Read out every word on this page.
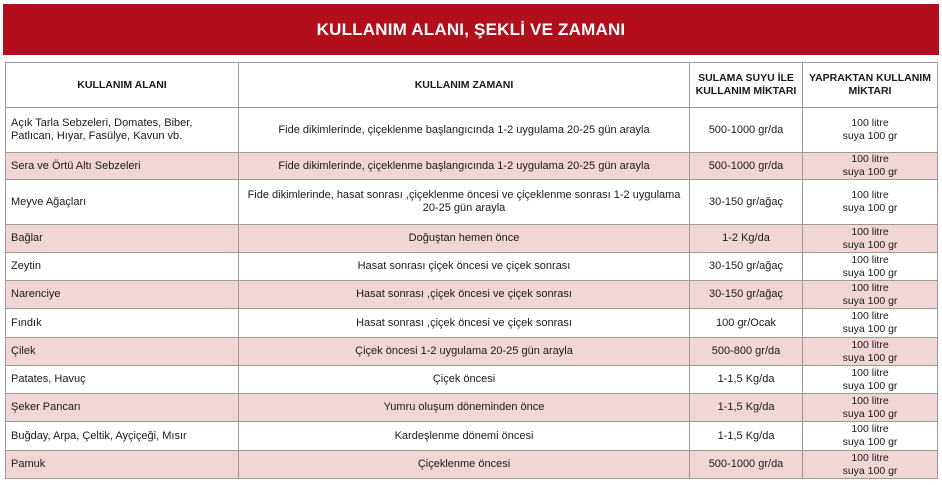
KULLANIM ALANI, ŞEKLİ VE ZAMANI
KULLANIM ALANI	KULLANIM ZAMANI	SULAMA SUYU İLE KULLANIM MİKTARI	YAPRAKTAN KULLANIM MİKTARI
Açık Tarla Sebzeleri, Domates, Biber, Patlıcan, Hıyar, Fasülye, Kavun vb.	Fide dikimlerinde, çiçeklenme başlangıcında 1-2 uygulama 20-25 gün arayla	500-1000 gr/da	100 litre
suya 100 gr

Sera ve Örtü Altı Sebzeleri	Fide dikimlerinde, çiçeklenme başlangıcında 1-2 uygulama 20-25 gün arayla	500-1000 gr/da	100 litre
suya 100 gr

Meyve Ağaçları	Fide dikimlerinde, hasat sonrası ,çiçeklenme öncesi ve çiçeklenme sonrası 1-2 uygulama 20-25 gün arayla	30-150 gr/ağaç	100 litre
suya 100 gr

Bağlar	Doğuştan hemen önce	1-2 Kg/da	100 litre
suya 100 gr

Zeytin	Hasat sonrası çiçek öncesi ve çiçek sonrası	30-150 gr/ağaç	100 litre
suya 100 gr

Narenciye	Hasat sonrası ,çiçek öncesi ve çiçek sonrası	30-150 gr/ağaç	100 litre
suya 100 gr

Fındık	Hasat sonrası ,çiçek öncesi ve çiçek sonrası	100 gr/Ocak	100 litre
suya 100 gr

Çilek	Çiçek öncesi 1-2 uygulama 20-25 gün arayla	500-800 gr/da	100 litre
suya 100 gr

Patates, Havuç	Çiçek öncesi	1-1,5 Kg/da	100 litre
suya 100 gr

Şeker Pancarı	Yumru oluşum döneminden önce	1-1,5 Kg/da	100 litre
suya 100 gr

Buğday, Arpa, Çeltik, Ayçiçeği, Mısır	Kardeşlenme dönemi öncesi	1-1,5 Kg/da	100 litre
suya 100 gr

Pamuk	Çiçeklenme öncesi	500-1000 gr/da	100 litre
suya 100 gr
